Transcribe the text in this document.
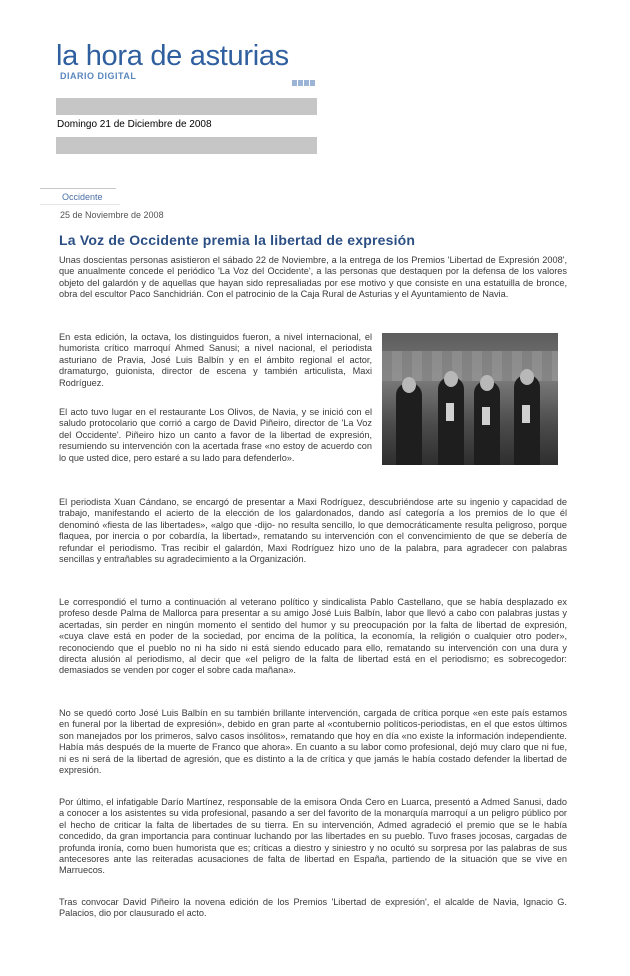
la hora de asturias
DIARIO DIGITAL
Domingo 21 de Diciembre de 2008
Occidente
25 de Noviembre de 2008
La Voz de Occidente premia la libertad de expresión

Unas doscientas personas asistieron el sábado 22 de Noviembre, a la entrega de los Premios 'Libertad de Expresión 2008', que anualmente concede el periódico 'La Voz del Occidente', a las personas que destaquen por la defensa de los valores objeto del galardón y de aquellas que hayan sido represaliadas por ese motivo y que consiste en una estatuilla de bronce, obra del escultor Paco Sanchidrián. Con el patrocinio de la Caja Rural de Asturias y el Ayuntamiento de Navia.

En esta edición, la octava, los distinguidos fueron, a nivel internacional, el humorista crítico marroquí Ahmed Sanusi; a nivel nacional, el periodista asturiano de Pravia, José Luis Balbín y en el ámbito regional el actor, dramaturgo, guionista, director de escena y también articulista, Maxi Rodríguez.

El acto tuvo lugar en el restaurante Los Olivos, de Navia, y se inició con el saludo protocolario que corrió a cargo de David Piñeiro, director de 'La Voz del Occidente'. Piñeiro hizo un canto a favor de la libertad de expresión, resumiendo su intervención con la acertada frase «no estoy de acuerdo con lo que usted dice, pero estaré a su lado para defenderlo».

El periodista Xuan Cándano, se encargó de presentar a Maxi Rodríguez, descubriéndose arte su ingenio y capacidad de trabajo, manifestando el acierto de la elección de los galardonados, dando así categoría a los premios de lo que él denominó «fiesta de las libertades», «algo que -dijo- no resulta sencillo, lo que democráticamente resulta peligroso, porque flaquea, por inercia o por cobardía, la libertad», rematando su intervención con el convencimiento de que se debería de refundar el periodismo. Tras recibir el galardón, Maxi Rodríguez hizo uno de la palabra, para agradecer con palabras sencillas y entrañables su agradecimiento a la Organización.

Le correspondió el turno a continuación al veterano político y sindicalista Pablo Castellano, que se había desplazado ex profeso desde Palma de Mallorca para presentar a su amigo José Luis Balbín, labor que llevó a cabo con palabras justas y acertadas, sin perder en ningún momento el sentido del humor y su preocupación por la falta de libertad de expresión, «cuya clave está en poder de la sociedad, por encima de la política, la economía, la religión o cualquier otro poder», reconociendo que el pueblo no ni ha sido ni está siendo educado para ello, rematando su intervención con una dura y directa alusión al periodismo, al decir que «el peligro de la falta de libertad está en el periodismo; es sobrecogedor: demasiados se venden por coger el sobre cada mañana».

No se quedó corto José Luis Balbín en su también brillante intervención, cargada de crítica porque «en este país estamos en funeral por la libertad de expresión», debido en gran parte al «contubernio políticos-periodistas, en el que estos últimos son manejados por los primeros, salvo casos insólitos», rematando que hoy en día «no existe la información independiente. Había más después de la muerte de Franco que ahora». En cuanto a su labor como profesional, dejó muy claro que ni fue, ni es ni será de la libertad de agresión, que es distinto a la de crítica y que jamás le había costado defender la libertad de expresión.

Por último, el infatigable Darío Martínez, responsable de la emisora Onda Cero en Luarca, presentó a Admed Sanusi, dado a conocer a los asistentes su vida profesional, pasando a ser del favorito de la monarquía marroquí a un peligro público por el hecho de criticar la falta de libertades de su tierra. En su intervención, Admed agradeció el premio que se le había concedido, da gran importancia para continuar luchando por las libertades en su pueblo. Tuvo frases jocosas, cargadas de profunda ironía, como buen humorista que es; críticas a diestro y siniestro y no ocultó su sorpresa por las palabras de sus antecesores ante las reiteradas acusaciones de falta de libertad en España, partiendo de la situación que se vive en Marruecos.

Tras convocar David Piñeiro la novena edición de los Premios 'Libertad de expresión', el alcalde de Navia, Ignacio G. Palacios, dio por clausurado el acto.
